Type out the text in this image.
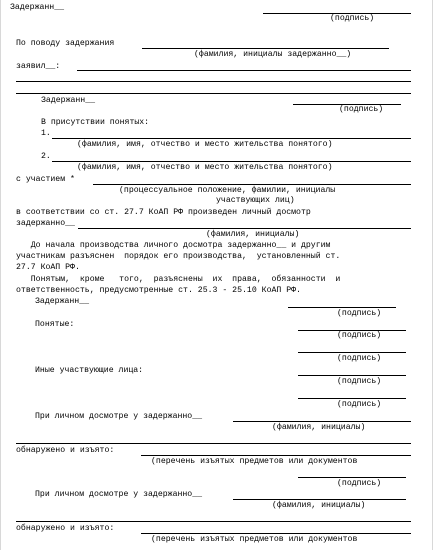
Задержанн__
(подпись)
По поводу задержания
(фамилия, инициалы задержанно__)
заявил__:
Задержанн__
(подпись)
В присутствии понятых:
1.
(фамилия, имя, отчество и место жительства понятого)
2.
(фамилия, имя, отчество и место жительства понятого)
с участием *
(процессуальное положение, фамилии, инициалы
участвующих лиц)
в соответствии со ст. 27.7 КоАП РФ произведен личный досмотр
задержанно__
(фамилия, инициалы)
До начала производства личного досмотра задержанно__ и другим
участникам разъяснен  порядок его производства,  установленный ст.
27.7 КоАП РФ.
Понятым,  кроме   того,  разъяснены  их  права,  обязанности  и
ответственность, предусмотренные ст. 25.3 - 25.10 КоАП РФ.
Задержанн__
(подпись)
Понятые:
(подпись)
(подпись)
Иные участвующие лица:
(подпись)
(подпись)
При личном досмотре у задержанно__
(фамилия, инициалы)
обнаружено и изъято:
(перечень изъятых предметов или документов
(подпись)
При личном досмотре у задержанно__
(фамилия, инициалы)
обнаружено и изъято:
(перечень изъятых предметов или документов
